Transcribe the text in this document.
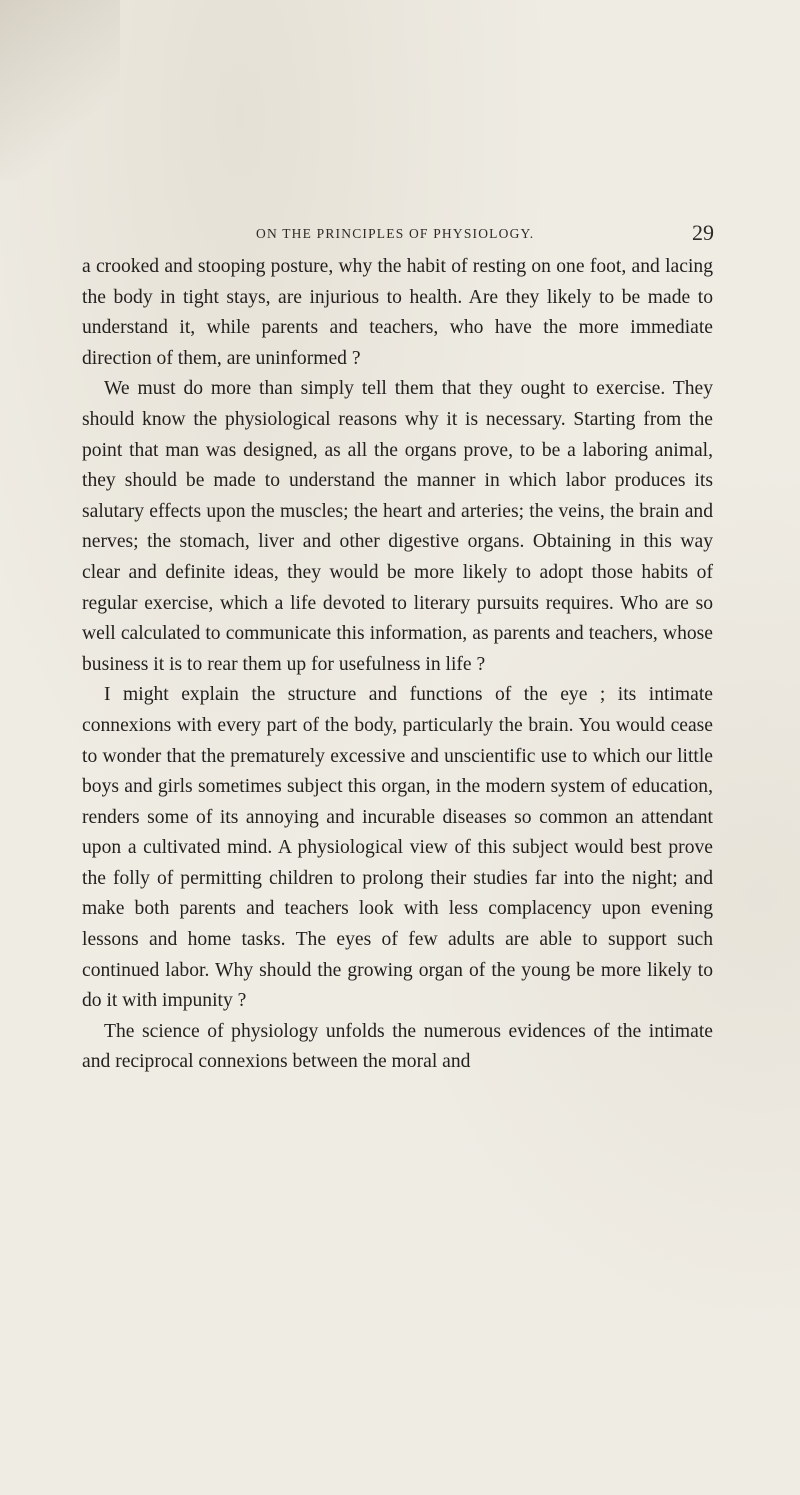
ON THE PRINCIPLES OF PHYSIOLOGY.	29

a crooked and stooping posture, why the habit of resting on one foot, and lacing the body in tight stays, are injurious to health. Are they likely to be made to understand it, while parents and teachers, who have the more immediate direction of them, are uninformed ?

We must do more than simply tell them that they ought to exercise. They should know the physiological reasons why it is necessary. Starting from the point that man was designed, as all the organs prove, to be a laboring animal, they should be made to understand the manner in which labor produces its salutary effects upon the muscles; the heart and arteries; the veins, the brain and nerves; the stomach, liver and other digestive organs. Obtaining in this way clear and definite ideas, they would be more likely to adopt those habits of regular exercise, which a life devoted to literary pursuits requires. Who are so well calculated to communicate this information, as parents and teachers, whose business it is to rear them up for usefulness in life ?

I might explain the structure and functions of the eye ; its intimate connexions with every part of the body, particularly the brain. You would cease to wonder that the prematurely excessive and unscientific use to which our little boys and girls sometimes subject this organ, in the modern system of education, renders some of its annoying and incurable diseases so common an attendant upon a cultivated mind. A physiological view of this subject would best prove the folly of permitting children to prolong their studies far into the night; and make both parents and teachers look with less complacency upon evening lessons and home tasks. The eyes of few adults are able to support such continued labor. Why should the growing organ of the young be more likely to do it with impunity ?

The science of physiology unfolds the numerous evidences of the intimate and reciprocal connexions between the moral and
